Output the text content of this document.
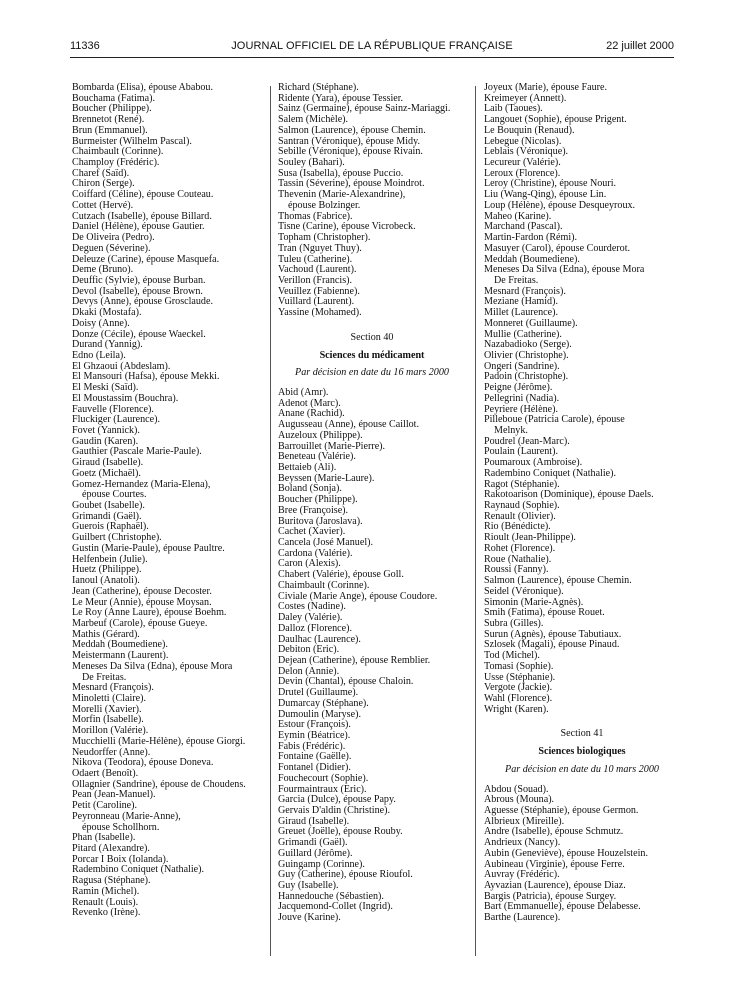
11336	JOURNAL OFFICIEL DE LA RÉPUBLIQUE FRANÇAISE	22 juillet 2000
Bombarda (Elisa), épouse Ababou.
Bouchama (Fatima).
Boucher (Philippe).
Brennetot (René).
Brun (Emmanuel).
Burmeister (Wilhelm Pascal).
Chaimbault (Corinne).
Champloy (Frédéric).
Charef (Saïd).
Chiron (Serge).
Coiffard (Céline), épouse Couteau.
Cottet (Hervé).
Cutzach (Isabelle), épouse Billard.
Daniel (Hélène), épouse Gautier.
De Oliveira (Pedro).
Deguen (Séverine).
Deleuze (Carine), épouse Masquefa.
Deme (Bruno).
Deuffic (Sylvie), épouse Burban.
Devol (Isabelle), épouse Brown.
Devys (Anne), épouse Grosclaude.
Dkaki (Mostafa).
Doisy (Anne).
Donze (Cécile), épouse Waeckel.
Durand (Yannig).
Edno (Leila).
El Ghzaoui (Abdeslam).
El Mansouri (Hafsa), épouse Mekki.
El Meski (Saïd).
El Moustassim (Bouchra).
Fauvelle (Florence).
Fluckiger (Laurence).
Fovet (Yannick).
Gaudin (Karen).
Gauthier (Pascale Marie-Paule).
Giraud (Isabelle).
Goetz (Michaël).
Gomez-Hernandez (Maria-Elena),
épouse Courtes.
Goubet (Isabelle).
Grimandi (Gaël).
Guerois (Raphaël).
Guilbert (Christophe).
Gustin (Marie-Paule), épouse Paultre.
Helfenbein (Julie).
Huetz (Philippe).
Ianoul (Anatoli).
Jean (Catherine), épouse Decoster.
Le Meur (Annie), épouse Moysan.
Le Roy (Anne Laure), épouse Boehm.
Marbeuf (Carole), épouse Gueye.
Mathis (Gérard).
Meddah (Boumediene).
Meistermann (Laurent).
Meneses Da Silva (Edna), épouse Mora
De Freitas.
Mesnard (François).
Minoletti (Claire).
Morelli (Xavier).
Morfin (Isabelle).
Morillon (Valérie).
Mucchielli (Marie-Hélène), épouse Giorgi.
Neudorffer (Anne).
Nikova (Teodora), épouse Doneva.
Odaert (Benoît).
Ollagnier (Sandrine), épouse de Choudens.
Pean (Jean-Manuel).
Petit (Caroline).
Peyronneau (Marie-Anne),
épouse Schollhorn.
Phan (Isabelle).
Pitard (Alexandre).
Porcar I Boix (Iolanda).
Radembino Coniquet (Nathalie).
Ragusa (Stéphane).
Ramin (Michel).
Renault (Louis).
Revenko (Irène).
Richard (Stéphane).
Ridente (Yara), épouse Tessier.
Sainz (Germaine), épouse Sainz-Mariaggi.
Salem (Michèle).
Salmon (Laurence), épouse Chemin.
Santran (Véronique), épouse Midy.
Sebille (Véronique), épouse Rivain.
Souley (Bahari).
Susa (Isabella), épouse Puccio.
Tassin (Séverine), épouse Moindrot.
Thevenin (Marie-Alexandrine),
épouse Bolzinger.
Thomas (Fabrice).
Tisne (Carine), épouse Vicrobeck.
Topham (Christopher).
Tran (Nguyet Thuy).
Tuleu (Catherine).
Vachoud (Laurent).
Verillon (Francis).
Veuillez (Fabienne).
Vuillard (Laurent).
Yassine (Mohamed).
Section 40
Sciences du médicament
Par décision en date du 16 mars 2000
Abid (Amr).
Adenot (Marc).
Anane (Rachid).
Augusseau (Anne), épouse Caillot.
Auzeloux (Philippe).
Barrouillet (Marie-Pierre).
Beneteau (Valérie).
Bettaieb (Ali).
Beyssen (Marie-Laure).
Boland (Sonja).
Boucher (Philippe).
Bree (Françoise).
Buritova (Jaroslava).
Cachet (Xavier).
Cancela (José Manuel).
Cardona (Valérie).
Caron (Alexis).
Chabert (Valérie), épouse Goll.
Chaimbault (Corinne).
Civiale (Marie Ange), épouse Coudore.
Costes (Nadine).
Daley (Valérie).
Dalloz (Florence).
Daulhac (Laurence).
Debiton (Eric).
Dejean (Catherine), épouse Remblier.
Delon (Annie).
Devin (Chantal), épouse Chaloin.
Drutel (Guillaume).
Dumarcay (Stéphane).
Dumoulin (Maryse).
Estour (François).
Eymin (Béatrice).
Fabis (Frédéric).
Fontaine (Gaëlle).
Fontanel (Didier).
Fouchecourt (Sophie).
Fourmaintraux (Eric).
Garcia (Dulce), épouse Papy.
Gervais D'aldin (Christine).
Giraud (Isabelle).
Greuet (Joëlle), épouse Rouby.
Grimandi (Gaël).
Guillard (Jérôme).
Guingamp (Corinne).
Guy (Catherine), épouse Rioufol.
Guy (Isabelle).
Hannedouche (Sébastien).
Jacquemond-Collet (Ingrid).
Jouve (Karine).
Joyeux (Marie), épouse Faure.
Kreimeyer (Annett).
Laib (Taoues).
Langouet (Sophie), épouse Prigent.
Le Bouquin (Renaud).
Lebegue (Nicolas).
Leblais (Véronique).
Lecureur (Valérie).
Leroux (Florence).
Leroy (Christine), épouse Nouri.
Liu (Wang-Qing), épouse Lin.
Loup (Hélène), épouse Desqueyroux.
Maheo (Karine).
Marchand (Pascal).
Martin-Fardon (Rémi).
Masuyer (Carol), épouse Courderot.
Meddah (Boumediene).
Meneses Da Silva (Edna), épouse Mora
De Freitas.
Mesnard (François).
Meziane (Hamid).
Millet (Laurence).
Monneret (Guillaume).
Mullie (Catherine).
Nazabadioko (Serge).
Olivier (Christophe).
Ongeri (Sandrine).
Padoin (Christophe).
Peigne (Jérôme).
Pellegrini (Nadia).
Peyriere (Hélène).
Pilleboue (Patricia Carole), épouse
Melnyk.
Poudrel (Jean-Marc).
Poulain (Laurent).
Poumaroux (Ambroise).
Radembino Coniquet (Nathalie).
Ragot (Stéphanie).
Rakotoarison (Dominique), épouse Daels.
Raynaud (Sophie).
Renault (Olivier).
Rio (Bénédicte).
Rioult (Jean-Philippe).
Rohet (Florence).
Roue (Nathalie).
Roussi (Fanny).
Salmon (Laurence), épouse Chemin.
Seidel (Véronique).
Simonin (Marie-Agnès).
Smih (Fatima), épouse Rouet.
Subra (Gilles).
Surun (Agnès), épouse Tabutiaux.
Szlosek (Magali), épouse Pinaud.
Tod (Michel).
Tomasi (Sophie).
Usse (Stéphanie).
Vergote (Jackie).
Wahl (Florence).
Wright (Karen).
Section 41
Sciences biologiques
Par décision en date du 10 mars 2000
Abdou (Souad).
Abrous (Mouna).
Aguesse (Stéphanie), épouse Germon.
Albrieux (Mireille).
Andre (Isabelle), épouse Schmutz.
Andrieux (Nancy).
Aubin (Geneviève), épouse Houzelstein.
Aubineau (Virginie), épouse Ferre.
Auvray (Frédéric).
Ayvazian (Laurence), épouse Diaz.
Bargis (Patricia), épouse Surgey.
Bart (Emmanuelle), épouse Delabesse.
Barthe (Laurence).
